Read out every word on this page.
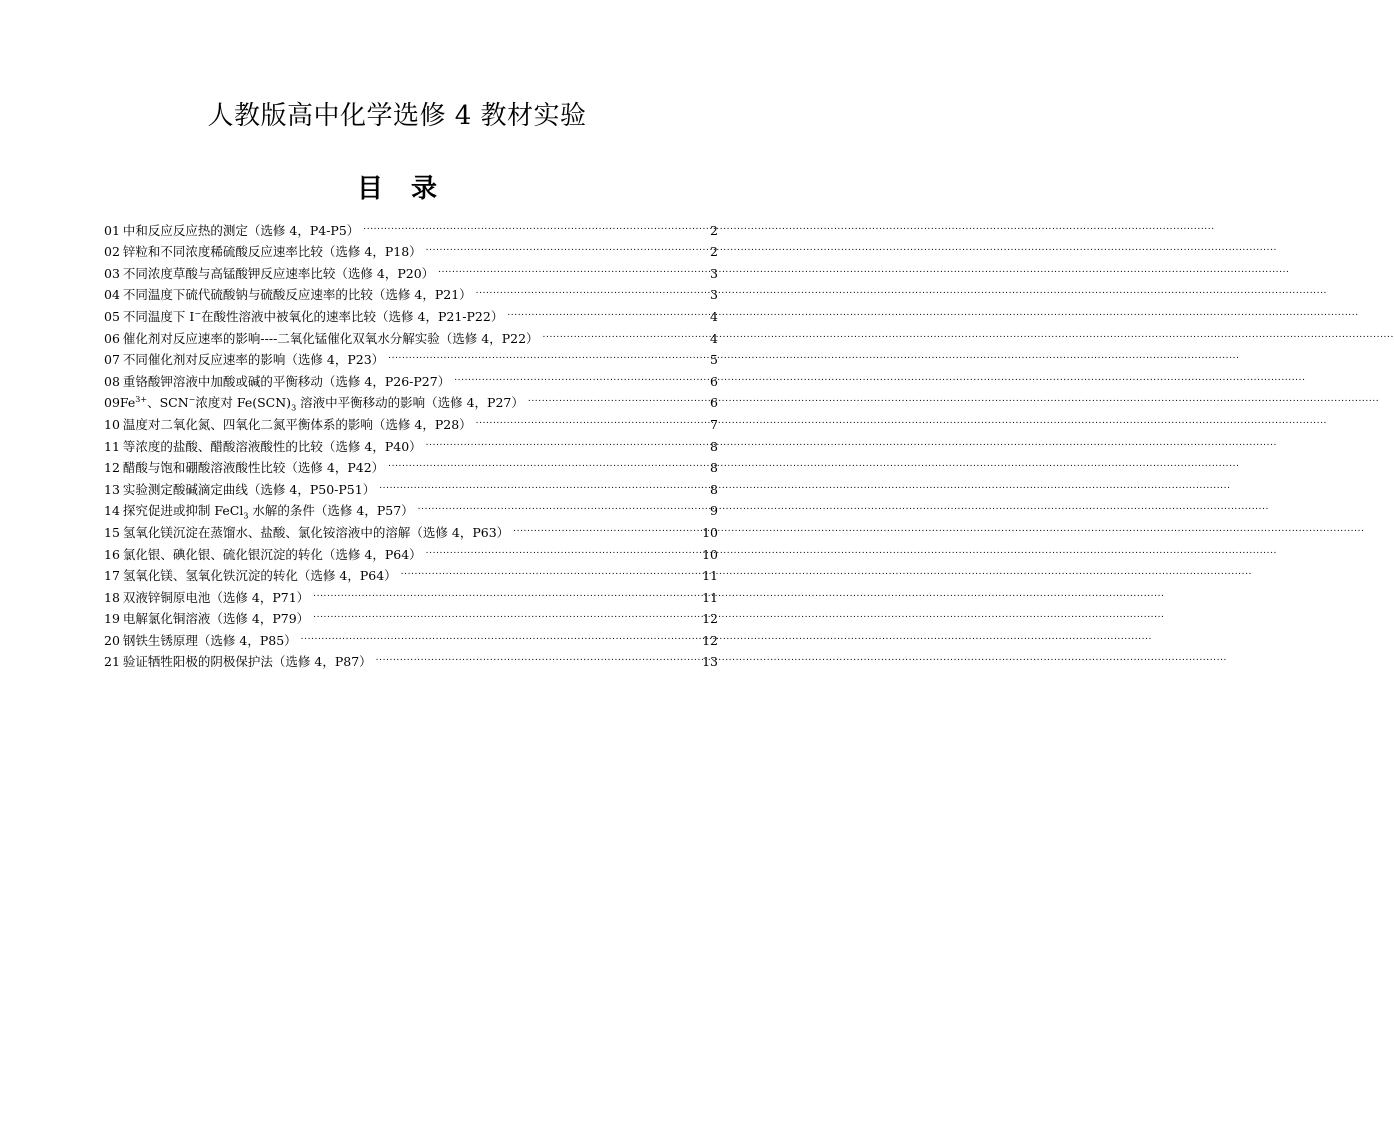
人教版高中化学选修 4 教材实验
目 录
01 中和反应反应热的测定（选修 4，P4-P5） .....	2
02 锌粒和不同浓度稀硫酸反应速率比较（选修 4，P18） .....	2
03 不同浓度草酸与高锰酸钾反应速率比较（选修 4，P20） .....	3
04 不同温度下硫代硫酸钠与硫酸反应速率的比较（选修 4，P21） .....	3
05 不同温度下 I−在酸性溶液中被氧化的速率比较（选修 4，P21-P22） .....	4
06 催化剂对反应速率的影响----二氧化锰催化双氧水分解实验（选修 4，P22） .....	4
07 不同催化剂对反应速率的影响（选修 4，P23） .....	5
08 重铬酸钾溶液中加酸或碱的平衡移动（选修 4，P26-P27） .....	6
$09Fe^{3+}$、SCN−浓度对 $Fe(SCN)_3$ 溶液中平衡移动的影响（选修 4，P27） .....	6
10 温度对二氧化氮、四氧化二氮平衡体系的影响（选修 4，P28） .....	7
11 等浓度的盐酸、醋酸溶液酸性的比较（选修 4，P40） .....	8
12 醋酸与饱和硼酸溶液酸性比较（选修 4，P42） .....	8
13 实验测定酸碱滴定曲线（选修 4，P50-P51） .....	8
14 探究促进或抑制 FeCl$_3$ 水解的条件（选修 4，P57） .....	9
15 氢氧化镁沉淀在蒸馏水、盐酸、氯化铵溶液中的溶解（选修 4，P63） .....	10
16 氯化银、碘化银、硫化银沉淀的转化（选修 4，P64） .....	10
17 氢氧化镁、氢氧化铁沉淀的转化（选修 4，P64） .....	11
18 双液锌铜原电池（选修 4，P71） .....	11
19 电解氯化铜溶液（选修 4，P79） .....	12
20 钢铁生锈原理（选修 4，P85） .....	12
21 验证牺牲阳极的阴极保护法（选修 4，P87） .....	13
